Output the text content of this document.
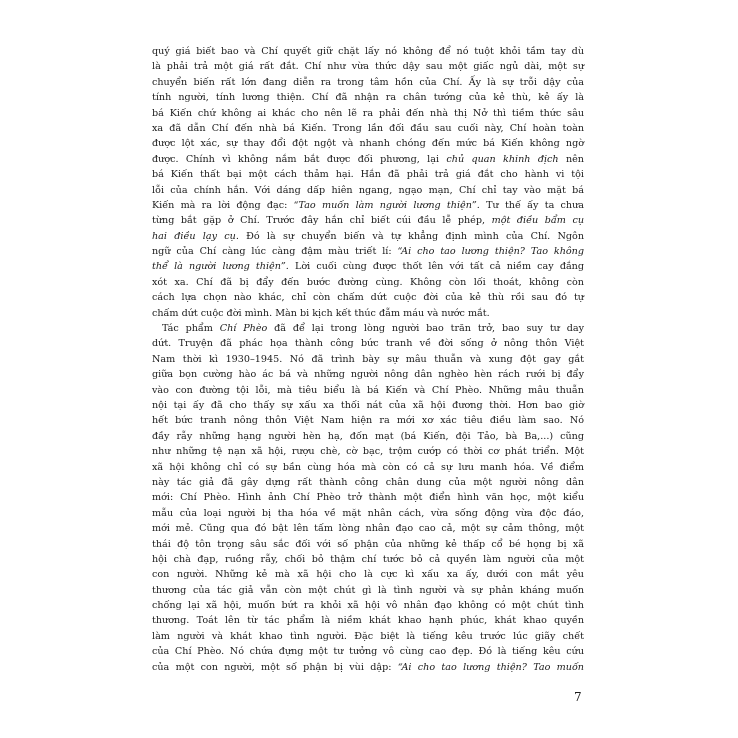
quý giá biết bao và Chí quyết giữ chặt lấy nó không để nó tuột khỏi tầm tay dù
là phải trả một giá rất đắt. Chí như vừa thức dậy sau một giấc ngủ dài, một sự
chuyển biến rất lớn đang diễn ra trong tâm hồn của Chí. Ấy là sự trỗi dậy của
tính người, tính lương thiện. Chí đã nhận ra chân tướng của kẻ thù, kẻ ấy là
bá Kiến chứ không ai khác cho nên lẽ ra phải đến nhà thị Nở thì tiềm thức sâu
xa đã dẫn Chí đến nhà bá Kiến. Trong lần đối đầu sau cuối này, Chí hoàn toàn
được lột xác, sự thay đổi đột ngột và nhanh chóng đến mức bá Kiến không ngờ
được. Chính vì không nắm bắt được đối phương, lại chủ quan khinh địch nên
bá Kiến thất bại một cách thảm hại. Hắn đã phải trả giá đắt cho hành vi tội
lỗi của chính hắn. Với dáng dấp hiên ngang, ngạo mạn, Chí chỉ tay vào mặt bá
Kiến mà ra lời động đạc: “Tao muốn làm người lương thiện”. Tư thế ấy ta chưa
từng bắt gặp ở Chí. Trước đây hắn chỉ biết cúi đầu lễ phép, một điều bẩm cụ
hai điều lạy cụ. Đó là sự chuyển biến và tự khẳng định mình của Chí. Ngôn
ngữ của Chí càng lúc càng đậm màu triết lí: “Ai cho tao lương thiện? Tao không
thể là người lương thiện”. Lời cuối cùng được thốt lên với tất cả niềm cay đắng
xót xa. Chí đã bị đẩy đến bước đường cùng. Không còn lối thoát, không còn
cách lựa chọn nào khác, chỉ còn chấm dứt cuộc đời của kẻ thù rồi sau đó tự
chấm dứt cuộc đời mình. Màn bi kịch kết thúc đẫm máu và nước mắt.
Tác phẩm Chí Phèo đã để lại trong lòng người bao trăn trở, bao suy tư day
dứt. Truyện đã phác họa thành công bức tranh về đời sống ở nông thôn Việt
Nam thời kì 1930–1945. Nó đã trình bày sự mâu thuẫn và xung đột gay gắt
giữa bọn cường hào ác bá và những người nông dân nghèo hèn rách rưới bị đẩy
vào con đường tội lỗi, mà tiêu biểu là bá Kiến và Chí Phèo. Những mâu thuẫn
nội tại ấy đã cho thấy sự xấu xa thối nát của xã hội đương thời. Hơn bao giờ
hết bức tranh nông thôn Việt Nam hiện ra mới xơ xác tiêu điều làm sao. Nó
đầy rẫy những hạng người hèn hạ, đốn mạt (bá Kiến, đội Tảo, bà Ba,...) cũng
như những tệ nạn xã hội, rượu chè, cờ bạc, trộm cướp có thời cơ phát triển. Một
xã hội không chỉ có sự bần cùng hóa mà còn có cả sự lưu manh hóa. Về điểm
này tác giả đã gây dựng rất thành công chân dung của một người nông dân
mới: Chí Phèo. Hình ảnh Chí Phèo trở thành một điển hình văn học, một kiểu
mẫu của loại người bị tha hóa về mặt nhân cách, vừa sống động vừa độc đáo,
mới mẻ. Cũng qua đó bật lên tấm lòng nhân đạo cao cả, một sự cảm thông, một
thái độ tôn trọng sâu sắc đối với số phận của những kẻ thấp cổ bé họng bị xã
hội chà đạp, ruồng rẫy, chối bỏ thậm chí tước bỏ cả quyền làm người của một
con người. Những kẻ mà xã hội cho là cực kì xấu xa ấy, dưới con mắt yêu
thương của tác giả vẫn còn một chút gì là tình người và sự phản kháng muốn
chống lại xã hội, muốn bứt ra khỏi xã hội vô nhân đạo không có một chút tình
thương. Toát lên từ tác phẩm là niềm khát khao hạnh phúc, khát khao quyền
làm người và khát khao tình người. Đặc biệt là tiếng kêu trước lúc giãy chết
của Chí Phèo. Nó chứa đựng một tư tưởng vô cùng cao đẹp. Đó là tiếng kêu cứu
của một con người, một số phận bị vùi dập: “Ai cho tao lương thiện? Tao muốn
7
